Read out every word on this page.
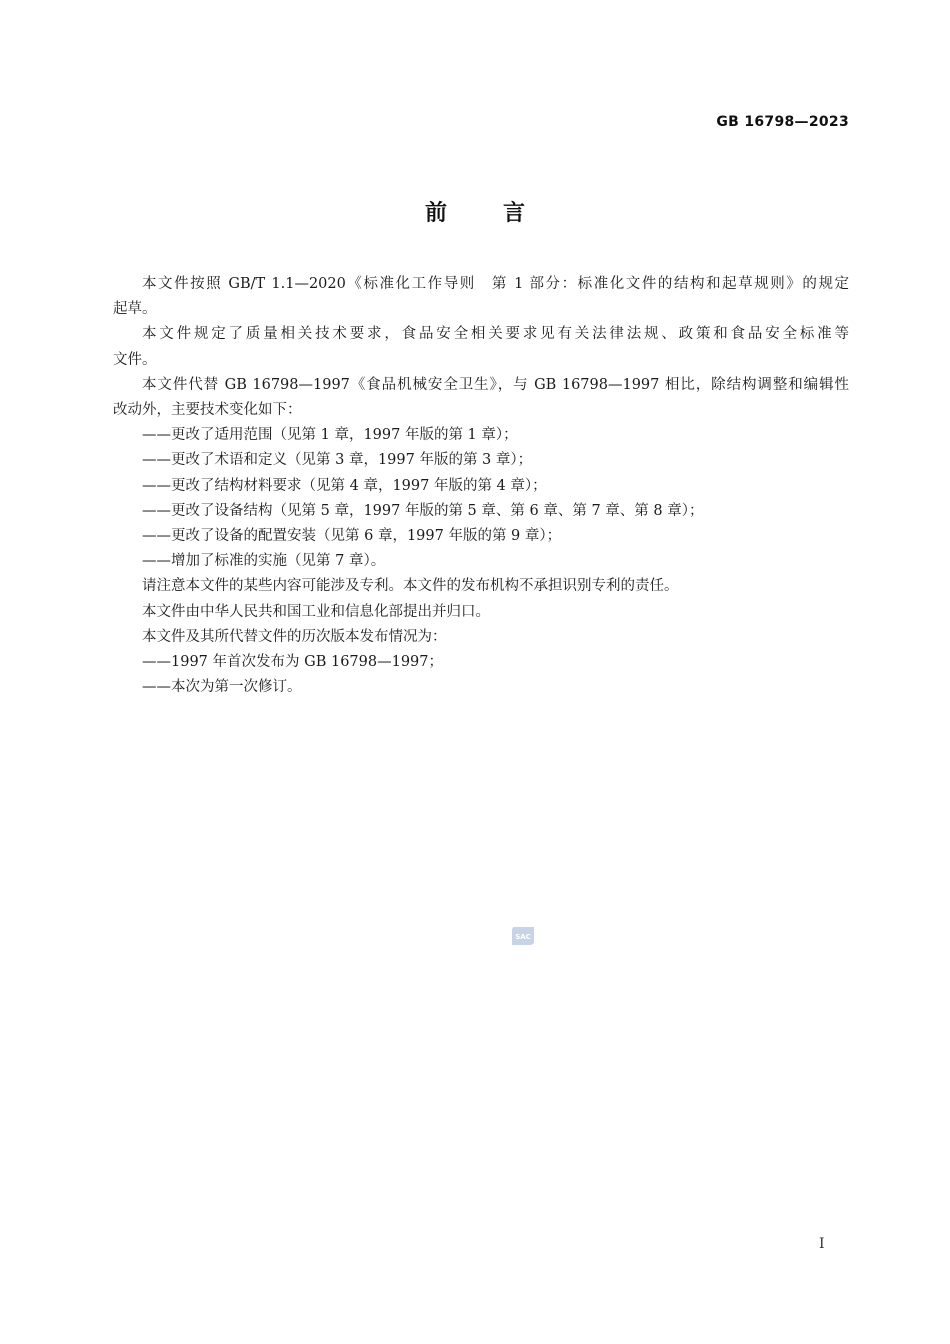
GB 16798—2023
前言

本文件按照 GB/T 1.1—2020《标准化工作导则　第 1 部分：标准化文件的结构和起草规则》的规定
起草。

本文件规定了质量相关技术要求，食品安全相关要求见有关法律法规、政策和食品安全标准等
文件。

本文件代替 GB 16798—1997《食品机械安全卫生》，与 GB 16798—1997 相比，除结构调整和编辑性
改动外，主要技术变化如下：

——更改了适用范围（见第 1 章，1997 年版的第 1 章）；

——更改了术语和定义（见第 3 章，1997 年版的第 3 章）；

——更改了结构材料要求（见第 4 章，1997 年版的第 4 章）；

——更改了设备结构（见第 5 章，1997 年版的第 5 章、第 6 章、第 7 章、第 8 章）；

——更改了设备的配置安装（见第 6 章，1997 年版的第 9 章）；

——增加了标准的实施（见第 7 章）。

请注意本文件的某些内容可能涉及专利。本文件的发布机构不承担识别专利的责任。

本文件由中华人民共和国工业和信息化部提出并归口。

本文件及其所代替文件的历次版本发布情况为：

——1997 年首次发布为 GB 16798—1997；

——本次为第一次修订。

SAC
I
